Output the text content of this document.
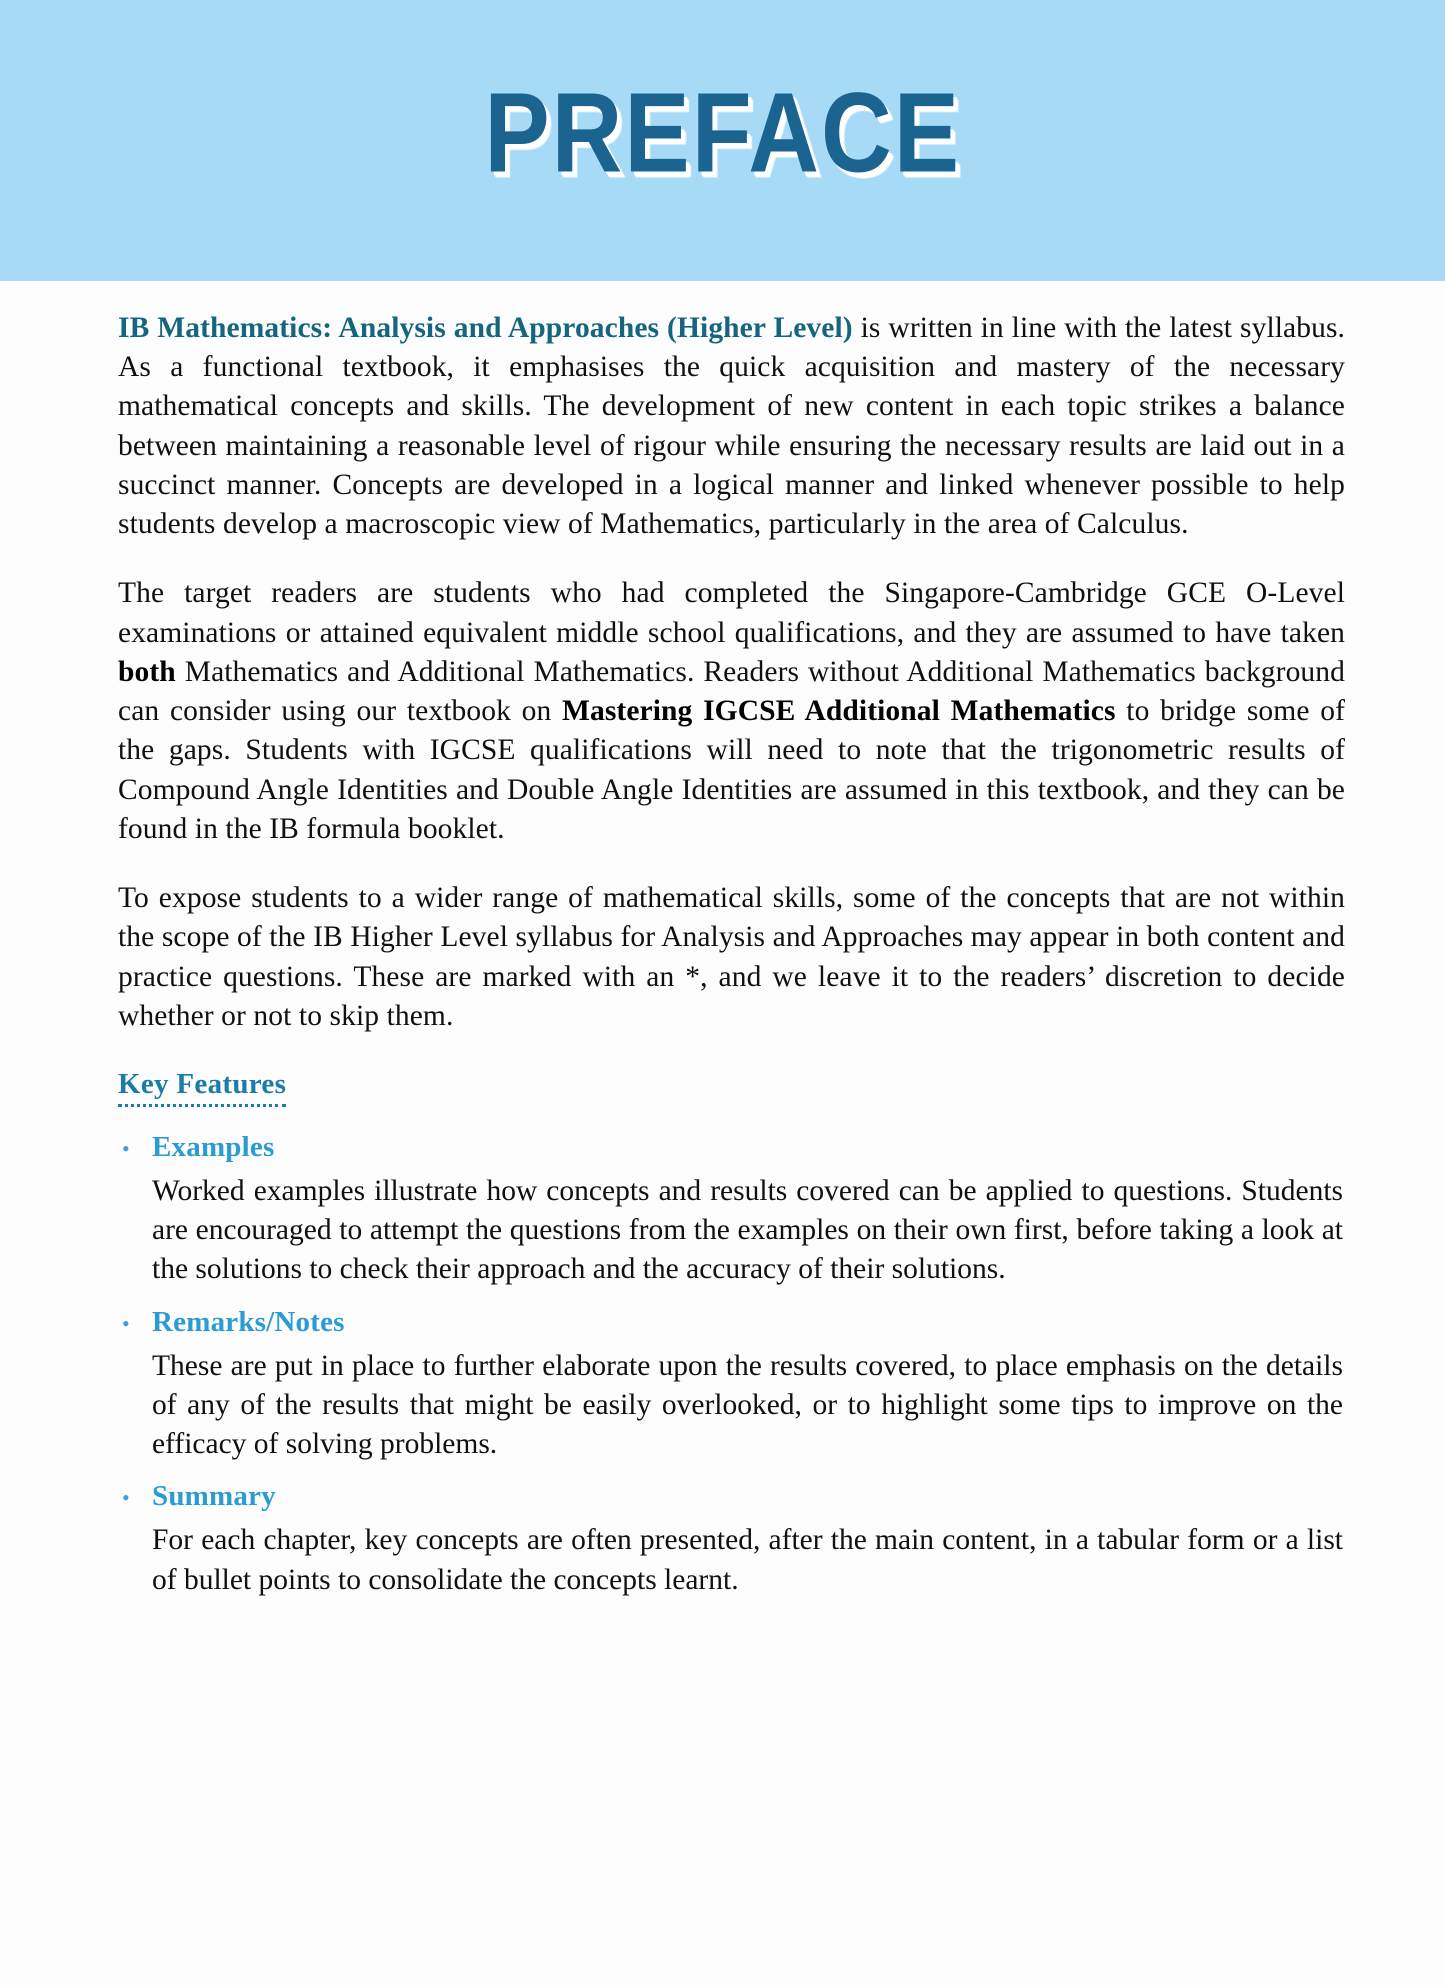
PREFACE

IB Mathematics: Analysis and Approaches (Higher Level) is written in line with the latest syllabus. As a functional textbook, it emphasises the quick acquisition and mastery of the necessary mathematical concepts and skills. The development of new content in each topic strikes a balance between maintaining a reasonable level of rigour while ensuring the necessary results are laid out in a succinct manner. Concepts are developed in a logical manner and linked whenever possible to help students develop a macroscopic view of Mathematics, particularly in the area of Calculus.

The target readers are students who had completed the Singapore-Cambridge GCE O-Level examinations or attained equivalent middle school qualifications, and they are assumed to have taken both Mathematics and Additional Mathematics. Readers without Additional Mathematics background can consider using our textbook on Mastering IGCSE Additional Mathematics to bridge some of the gaps. Students with IGCSE qualifications will need to note that the trigonometric results of Compound Angle Identities and Double Angle Identities are assumed in this textbook, and they can be found in the IB formula booklet.

To expose students to a wider range of mathematical skills, some of the concepts that are not within the scope of the IB Higher Level syllabus for Analysis and Approaches may appear in both content and practice questions. These are marked with an *, and we leave it to the readers’ discretion to decide whether or not to skip them.

Key Features
• Examples

Worked examples illustrate how concepts and results covered can be applied to questions. Students are encouraged to attempt the questions from the examples on their own first, before taking a look at the solutions to check their approach and the accuracy of their solutions.

• Remarks/Notes

These are put in place to further elaborate upon the results covered, to place emphasis on the details of any of the results that might be easily overlooked, or to highlight some tips to improve on the efficacy of solving problems.

• Summary

For each chapter, key concepts are often presented, after the main content, in a tabular form or a list of bullet points to consolidate the concepts learnt.
